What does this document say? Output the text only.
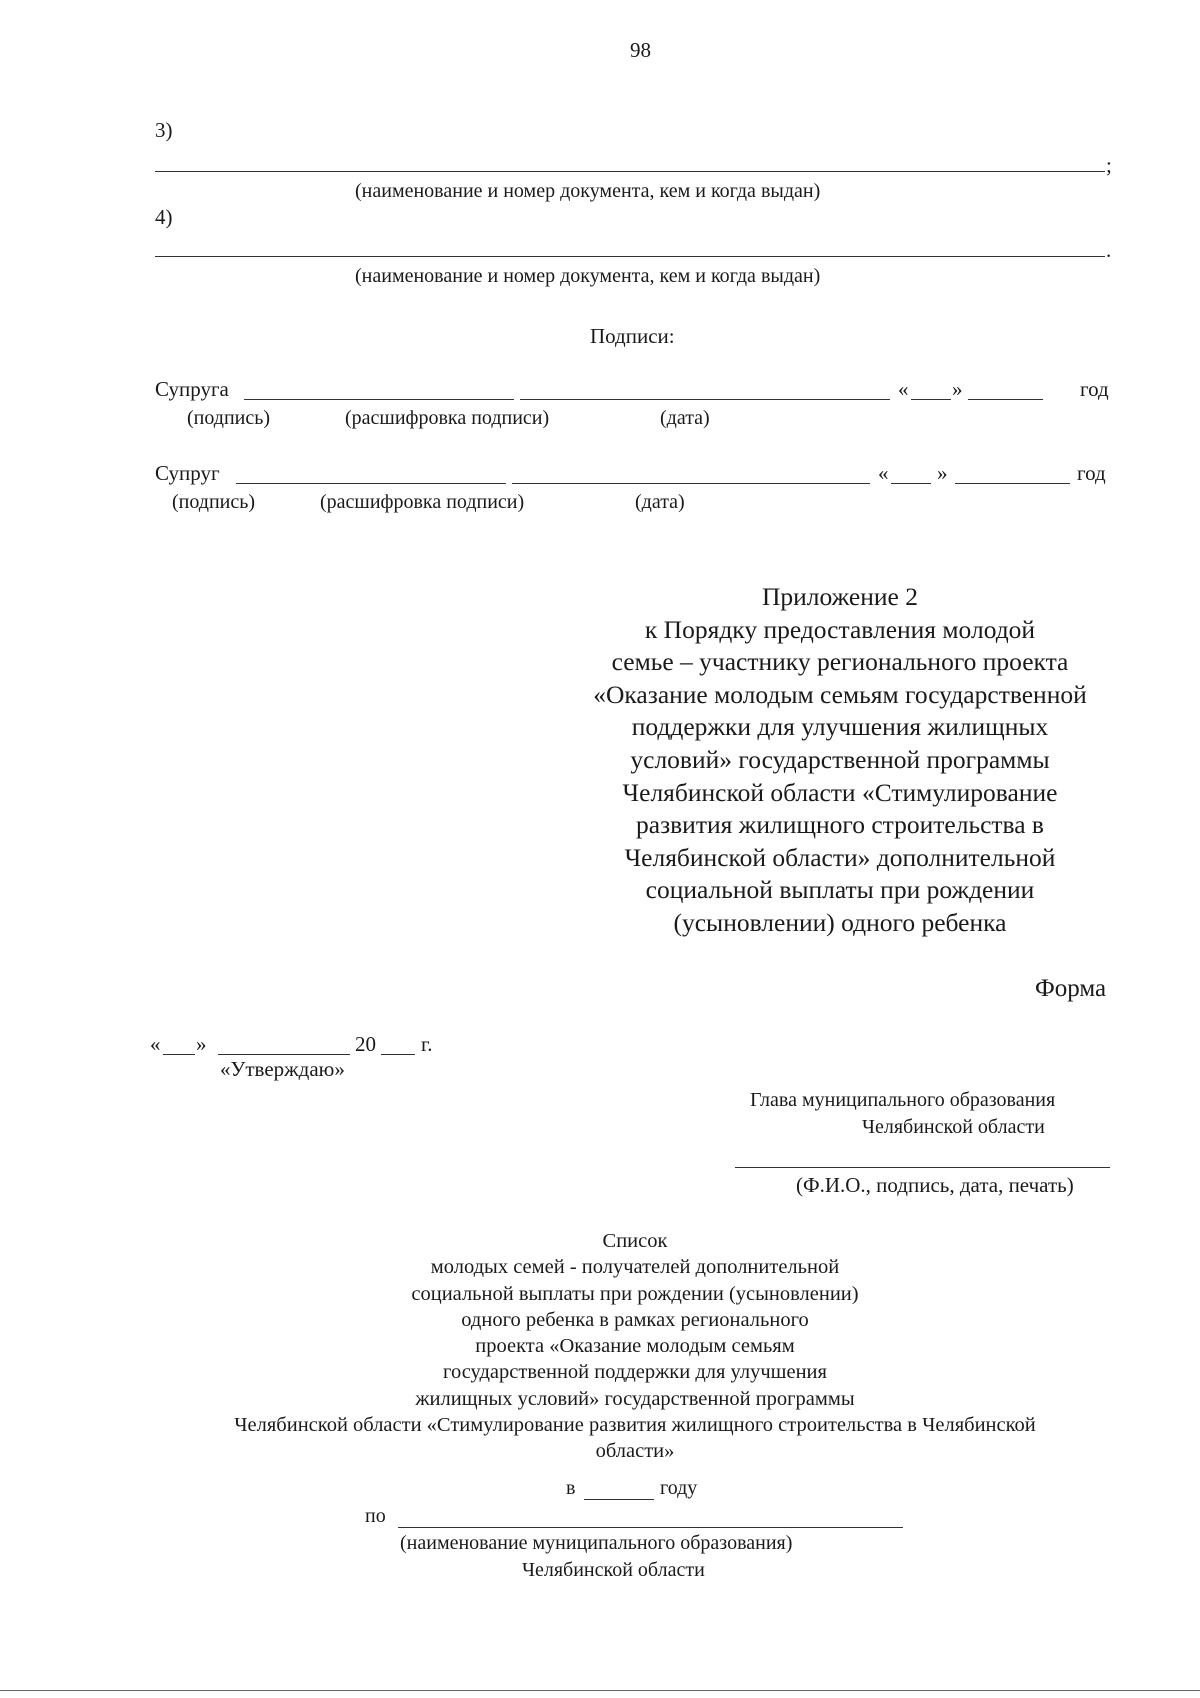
98
3)
;
(наименование и номер документа, кем и когда выдан)
4)
.
(наименование и номер документа, кем и когда выдан)
Подписи:
Супруга	« »	год
(подпись)	(расшифровка подписи)	(дата)
Супруг	« »	год
(подпись)	(расшифровка подписи)	(дата)
Приложение 2
к Порядку предоставления молодой
семье – участнику регионального проекта
«Оказание молодым семьям государственной
поддержки для улучшения жилищных
условий» государственной программы
Челябинской области «Стимулирование
развития жилищного строительства в
Челябинской области» дополнительной
социальной выплаты при рождении
(усыновлении) одного ребенка
Форма
« »	20 г.
«Утверждаю»
Глава муниципального образования
Челябинской области
(Ф.И.О., подпись, дата, печать)
Список
молодых семей - получателей дополнительной
социальной выплаты при рождении (усыновлении)
одного ребенка в рамках регионального
проекта «Оказание молодым семьям
государственной поддержки для улучшения
жилищных условий» государственной программы
Челябинской области «Стимулирование развития жилищного строительства в Челябинской
области»
в	году
по
(наименование муниципального образования)
Челябинской области
